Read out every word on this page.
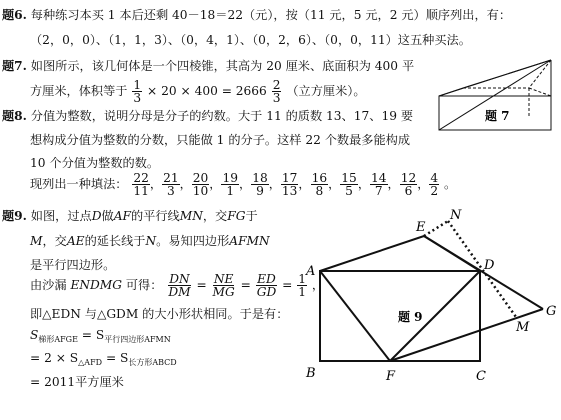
题6. 每种练习本买 1 本后还剩 40－18＝22（元），按（11 元，5 元，2 元）顺序列出，有：
（2，0，0）、（1，1，3）、（0，4，1）、（0，2，6）、（0，0，11）这五种买法。
题7. 如图所示，该几何体是一个四棱锥，其高为 20 厘米、底面积为 400 平
方厘米，体积等于 $\frac{1}{3} \times 20 \times 400 = 2666 \frac{2}{3}$ （立方厘米）。
题 7
题8. 分值为整数，说明分母是分子的约数。大于 11 的质数 13、17、19 要
想构成分值为整数的分数，只能做 1 的分子。这样 22 个数最多能构成
10 个分值为整数的数。
现列出一种填法： $\frac{22}{11}$ ， $\frac{21}{3}$ ， $\frac{20}{10}$ ， $\frac{19}{1}$ ， $\frac{18}{9}$ ， $\frac{17}{13}$ ， $\frac{16}{8}$ ， $\frac{15}{5}$ ， $\frac{14}{7}$ ， $\frac{12}{6}$ ， $\frac{4}{2}$ 。
题9. 如图，过点D做AF的平行线MN，交FG于
M，交AE的延长线于N。易知四边形AFMN
是平行四边形。
由沙漏 ENDMG 可得： $\frac{DN}{DM} = \frac{NE}{MG} = \frac{ED}{GD} = \frac{1}{1}$ ，
即△EDN 与△GDM 的大小形状相同。于是有：
$S_{梯形AFGE} = S_{平行四边形AFMN}$
= $2 \times S_{\triangle AFD} = S_{长方形ABCD}$
= 2011平方厘米
A
B	C
D
E
F
G
M
N
题 9
